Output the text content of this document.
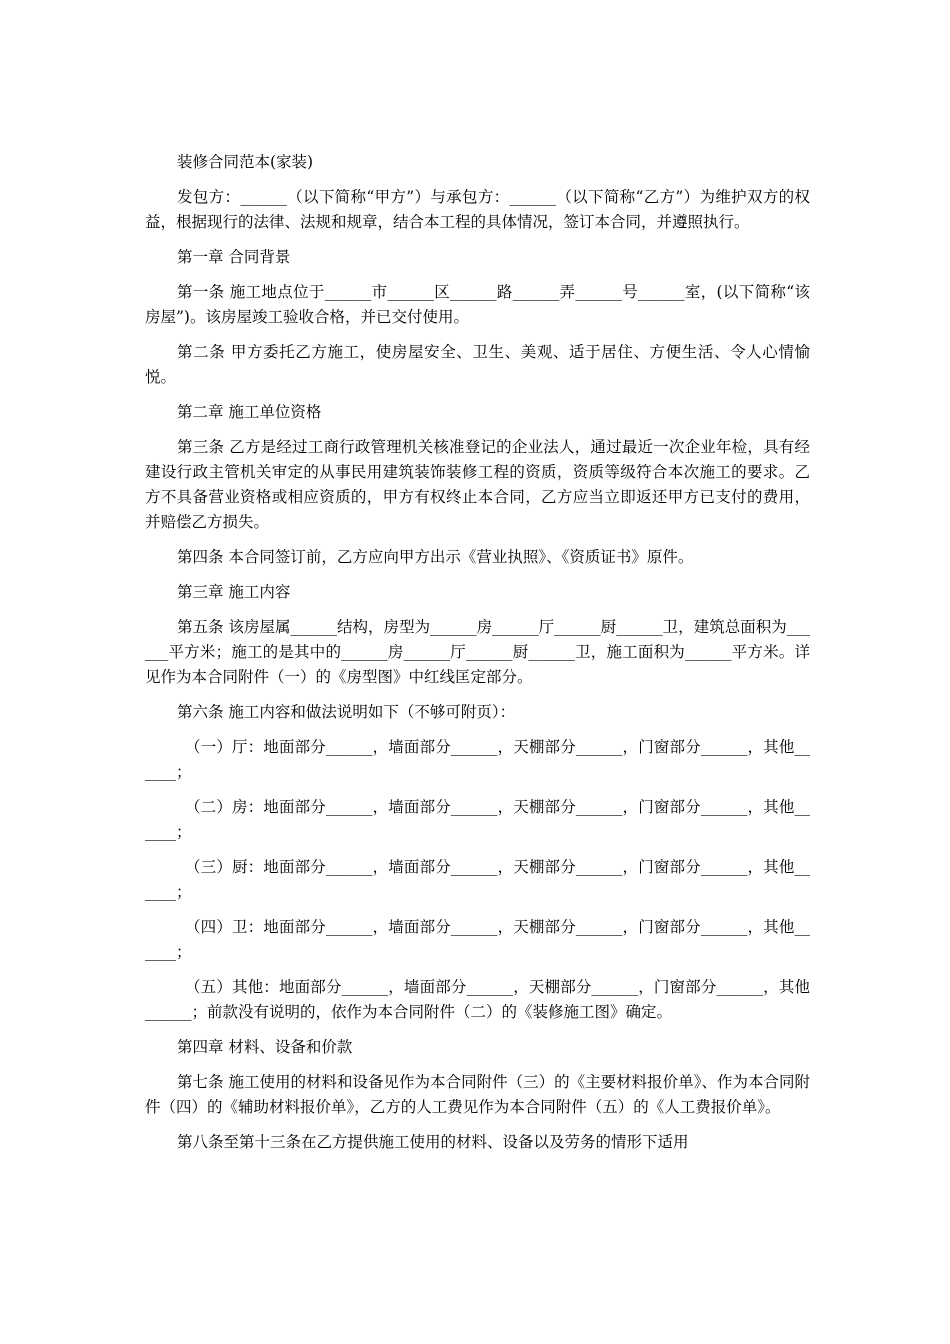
装修合同范本(家装)

发包方：______（以下简称“甲方”）与承包方：______（以下简称“乙方”）为维护双方的权益，根据现行的法律、法规和规章，结合本工程的具体情况，签订本合同，并遵照执行。

第一章 合同背景

第一条 施工地点位于______市______区______路______弄______号______室，(以下简称“该房屋”)。该房屋竣工验收合格，并已交付使用。

第二条 甲方委托乙方施工，使房屋安全、卫生、美观、适于居住、方便生活、令人心情愉悦。

第二章 施工单位资格

第三条 乙方是经过工商行政管理机关核准登记的企业法人，通过最近一次企业年检，具有经建设行政主管机关审定的从事民用建筑装饰装修工程的资质，资质等级符合本次施工的要求。乙方不具备营业资格或相应资质的，甲方有权终止本合同，乙方应当立即返还甲方已支付的费用，并赔偿乙方损失。

第四条 本合同签订前，乙方应向甲方出示《营业执照》、《资质证书》原件。

第三章 施工内容

第五条 该房屋属______结构，房型为______房______厅______厨______卫，建筑总面积为______平方米；施工的是其中的______房______厅______厨______卫，施工面积为______平方米。详见作为本合同附件（一）的《房型图》中红线匡定部分。

第六条 施工内容和做法说明如下（不够可附页）：

（一）厅：地面部分______，墙面部分______，天棚部分______，门窗部分______，其他______；

（二）房：地面部分______，墙面部分______，天棚部分______，门窗部分______，其他______；

（三）厨：地面部分______，墙面部分______，天棚部分______，门窗部分______，其他______；

（四）卫：地面部分______，墙面部分______，天棚部分______，门窗部分______，其他______；

（五）其他：地面部分______，墙面部分______，天棚部分______，门窗部分______，其他______；前款没有说明的，依作为本合同附件（二）的《装修施工图》确定。

第四章 材料、设备和价款

第七条 施工使用的材料和设备见作为本合同附件（三）的《主要材料报价单》、作为本合同附件（四）的《辅助材料报价单》，乙方的人工费见作为本合同附件（五）的《人工费报价单》。

第八条至第十三条在乙方提供施工使用的材料、设备以及劳务的情形下适用
